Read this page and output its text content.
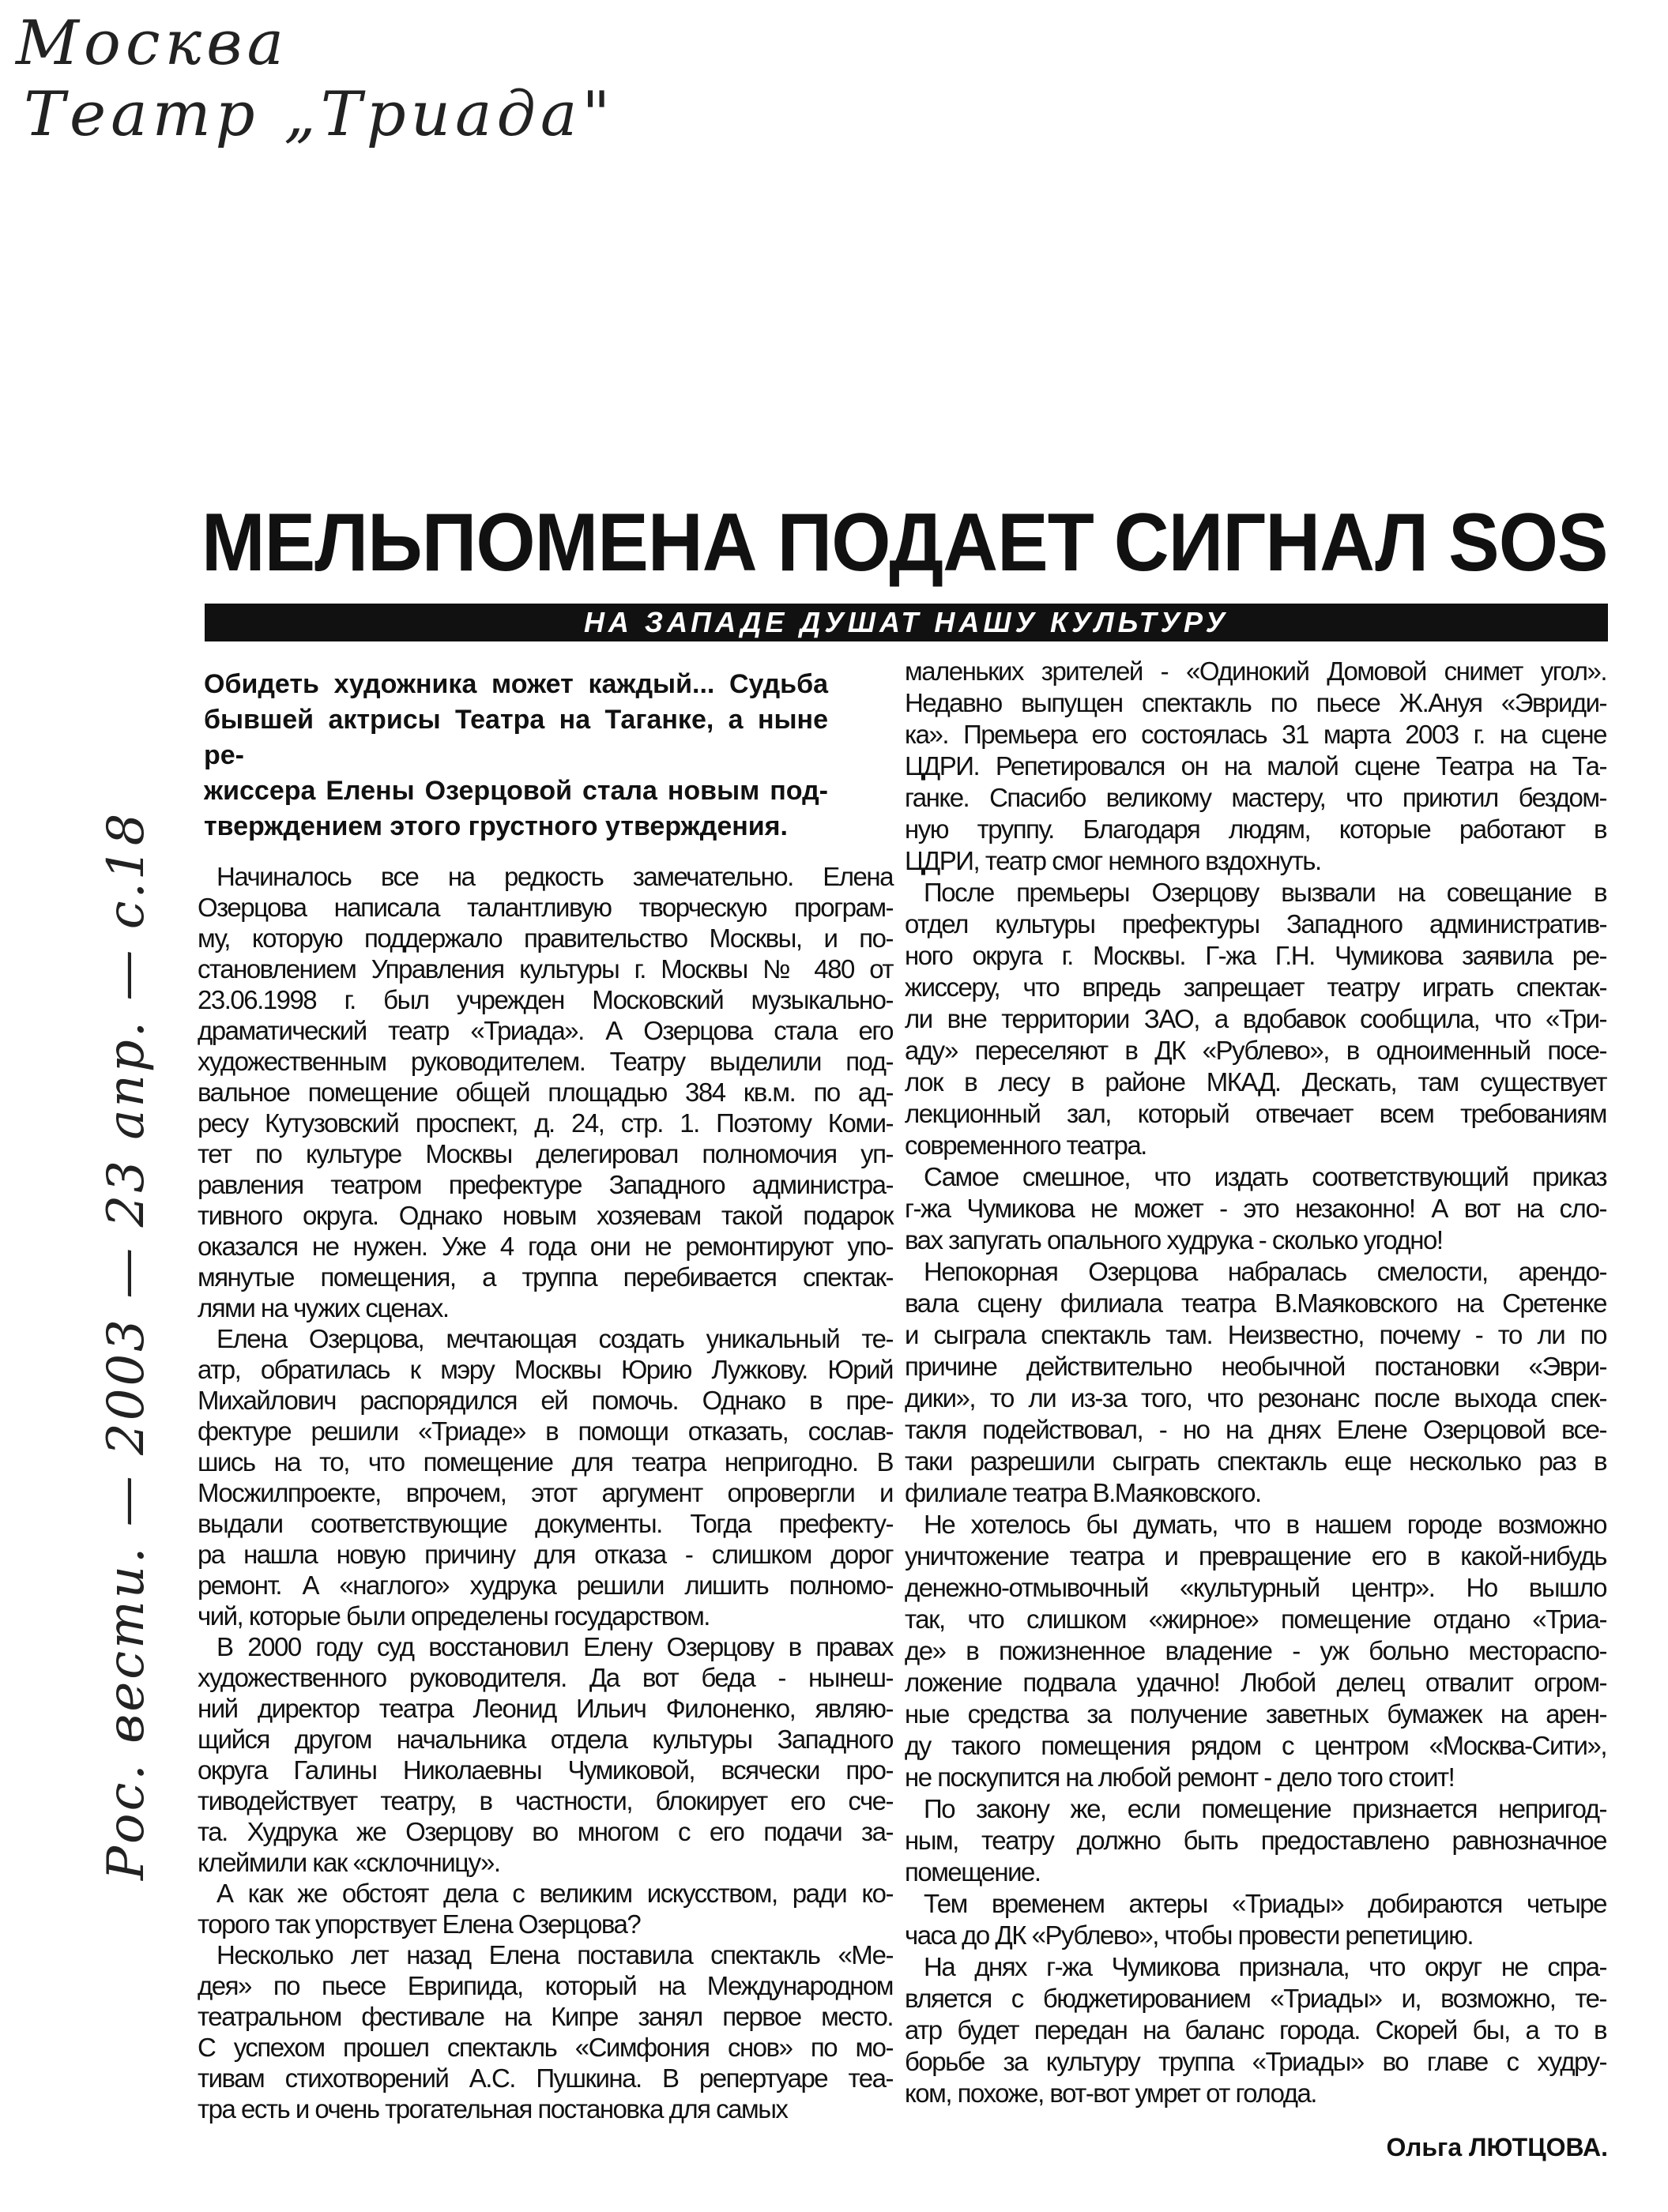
Москва
Театр „Триада"
Рос. вести. — 2003 — 23 апр. — с.18
МЕЛЬПОМЕНА ПОДАЕТ СИГНАЛ SOS
НА ЗАПАДЕ ДУШАТ НАШУ КУЛЬТУРУ
Обидеть художника может каждый... Судьба
бывшей актрисы Театра на Таганке, а ныне ре-
жиссера Елены Озерцовой стала новым под-
тверждением этого грустного утверждения.
Начиналось все на редкость замечательно. Елена
Озерцова написала талантливую творческую програм-
му, которую поддержало правительство Москвы, и по-
становлением Управления культуры г. Москвы № 480 от
23.06.1998 г. был учрежден Московский музыкально-
драматический театр «Триада». А Озерцова стала его
художественным руководителем. Театру выделили под-
вальное помещение общей площадью 384 кв.м. по ад-
ресу Кутузовский проспект, д. 24, стр. 1. Поэтому Коми-
тет по культуре Москвы делегировал полномочия уп-
равления театром префектуре Западного администра-
тивного округа. Однако новым хозяевам такой подарок
оказался не нужен. Уже 4 года они не ремонтируют упо-
мянутые помещения, а труппа перебивается спектак-
лями на чужих сценах.
Елена Озерцова, мечтающая создать уникальный те-
атр, обратилась к мэру Москвы Юрию Лужкову. Юрий
Михайлович распорядился ей помочь. Однако в пре-
фектуре решили «Триаде» в помощи отказать, сослав-
шись на то, что помещение для театра непригодно. В
Мосжилпроекте, впрочем, этот аргумент опровергли и
выдали соответствующие документы. Тогда префекту-
ра нашла новую причину для отказа - слишком дорог
ремонт. А «наглого» худрука решили лишить полномо-
чий, которые были определены государством.
В 2000 году суд восстановил Елену Озерцову в правах
художественного руководителя. Да вот беда - нынеш-
ний директор театра Леонид Ильич Филоненко, являю-
щийся другом начальника отдела культуры Западного
округа Галины Николаевны Чумиковой, всячески про-
тиводействует театру, в частности, блокирует его сче-
та. Худрука же Озерцову во многом с его подачи за-
клеймили как «склочницу».
А как же обстоят дела с великим искусством, ради ко-
торого так упорствует Елена Озерцова?
Несколько лет назад Елена поставила спектакль «Ме-
дея» по пьесе Еврипида, который на Международном
театральном фестивале на Кипре занял первое место.
С успехом прошел спектакль «Симфония снов» по мо-
тивам стихотворений А.С. Пушкина. В репертуаре теа-
тра есть и очень трогательная постановка для самых
маленьких зрителей - «Одинокий Домовой снимет угол».
Недавно выпущен спектакль по пьесе Ж.Ануя «Эвриди-
ка». Премьера его состоялась 31 марта 2003 г. на сцене
ЦДРИ. Репетировался он на малой сцене Театра на Та-
ганке. Спасибо великому мастеру, что приютил бездом-
ную труппу. Благодаря людям, которые работают в
ЦДРИ, театр смог немного вздохнуть.
После премьеры Озерцову вызвали на совещание в
отдел культуры префектуры Западного административ-
ного округа г. Москвы. Г-жа Г.Н. Чумикова заявила ре-
жиссеру, что впредь запрещает театру играть спектак-
ли вне территории ЗАО, а вдобавок сообщила, что «Три-
аду» переселяют в ДК «Рублево», в одноименный посе-
лок в лесу в районе МКАД. Дескать, там существует
лекционный зал, который отвечает всем требованиям
современного театра.
Самое смешное, что издать соответствующий приказ
г-жа Чумикова не может - это незаконно! А вот на сло-
вах запугать опального худрука - сколько угодно!
Непокорная Озерцова набралась смелости, арендо-
вала сцену филиала театра В.Маяковского на Сретенке
и сыграла спектакль там. Неизвестно, почему - то ли по
причине действительно необычной постановки «Эври-
дики», то ли из-за того, что резонанс после выхода спек-
такля подействовал, - но на днях Елене Озерцовой все-
таки разрешили сыграть спектакль еще несколько раз в
филиале театра В.Маяковского.
Не хотелось бы думать, что в нашем городе возможно
уничтожение театра и превращение его в какой-нибудь
денежно-отмывочный «культурный центр». Но вышло
так, что слишком «жирное» помещение отдано «Триа-
де» в пожизненное владение - уж больно местораспо-
ложение подвала удачно! Любой делец отвалит огром-
ные средства за получение заветных бумажек на арен-
ду такого помещения рядом с центром «Москва-Сити»,
не поскупится на любой ремонт - дело того стоит!
По закону же, если помещение признается непригод-
ным, театру должно быть предоставлено равнозначное
помещение.
Тем временем актеры «Триады» добираются четыре
часа до ДК «Рублево», чтобы провести репетицию.
На днях г-жа Чумикова признала, что округ не спра-
вляется с бюджетированием «Триады» и, возможно, те-
атр будет передан на баланс города. Скорей бы, а то в
борьбе за культуру труппа «Триады» во главе с худру-
ком, похоже, вот-вот умрет от голода.
Ольга ЛЮТЦОВА.
